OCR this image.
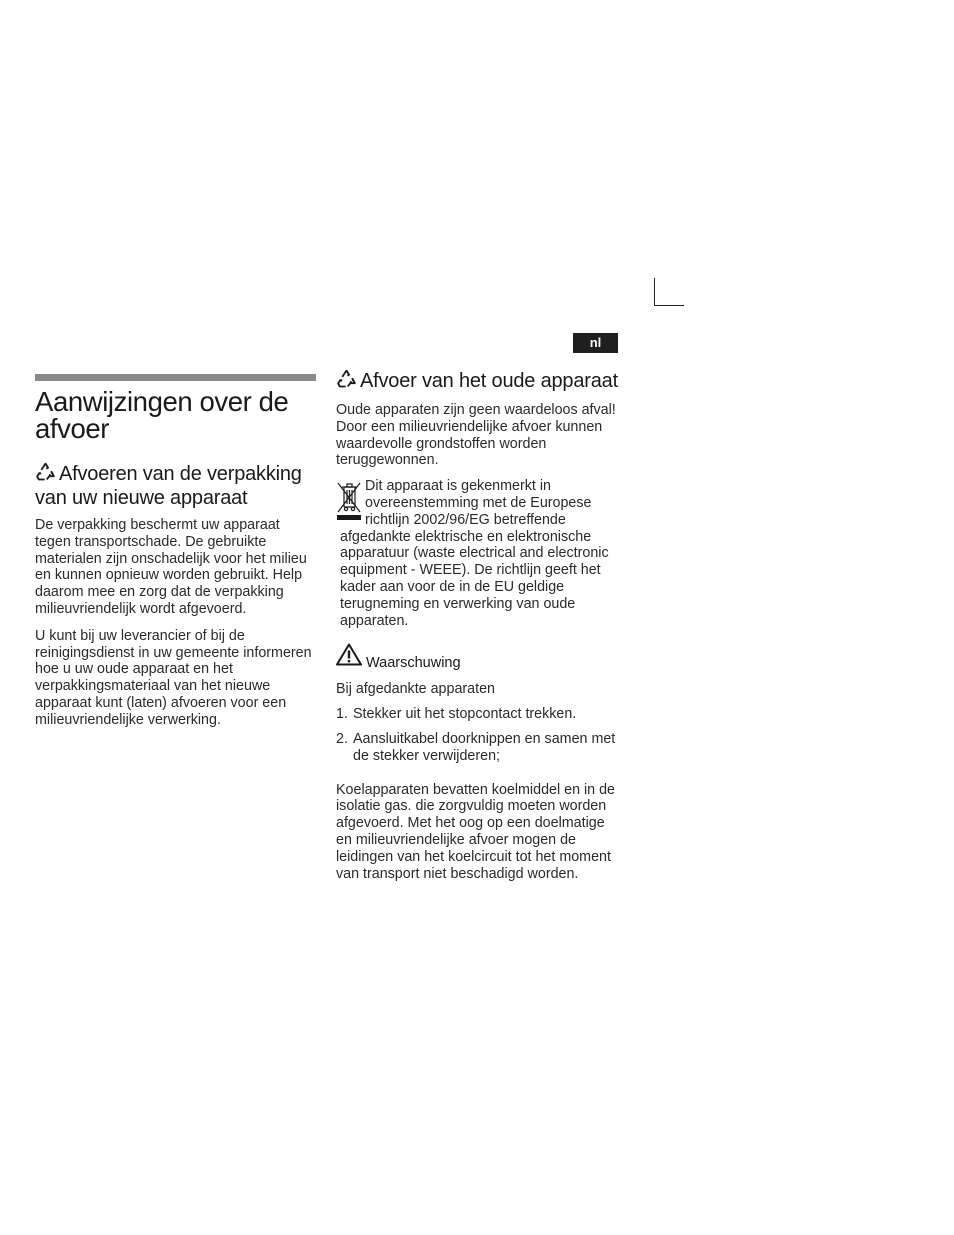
nl
Aanwijzingen over de afvoer
Afvoeren van de verpakking van uw nieuwe apparaat

De verpakking beschermt uw apparaat tegen transportschade. De gebruikte materialen zijn onschadelijk voor het milieu en kunnen opnieuw worden gebruikt. Help daarom mee en zorg dat de verpakking milieuvriendelijk wordt afgevoerd.

U kunt bij uw leverancier of bij de reinigingsdienst in uw gemeente informeren hoe u uw oude apparaat en het verpakkingsmateriaal van het nieuwe apparaat kunt (laten) afvoeren voor een milieuvriendelijke verwerking.

Afvoer van het oude apparaat

Oude apparaten zijn geen waardeloos afval! Door een milieuvriendelijke afvoer kunnen waardevolle grondstoffen worden teruggewonnen.

Dit apparaat is gekenmerkt in

overeenstemming met de Europese

richtlijn 2002/96/EG betreffende

afgedankte elektrische en elektronische apparatuur (waste electrical and electronic equipment - WEEE). De richtlijn geeft het kader aan voor de in de EU geldige terugneming en verwerking van oude apparaten.

Waarschuwing

Bij afgedankte apparaten

1. Stekker uit het stopcontact trekken.
2. Aansluitkabel doorknippen en samen met de stekker verwijderen;

Koelapparaten bevatten koelmiddel en in de isolatie gas. die zorgvuldig moeten worden afgevoerd. Met het oog op een doelmatige en milieuvriendelijke afvoer mogen de leidingen van het koelcircuit tot het moment van transport niet beschadigd worden.
